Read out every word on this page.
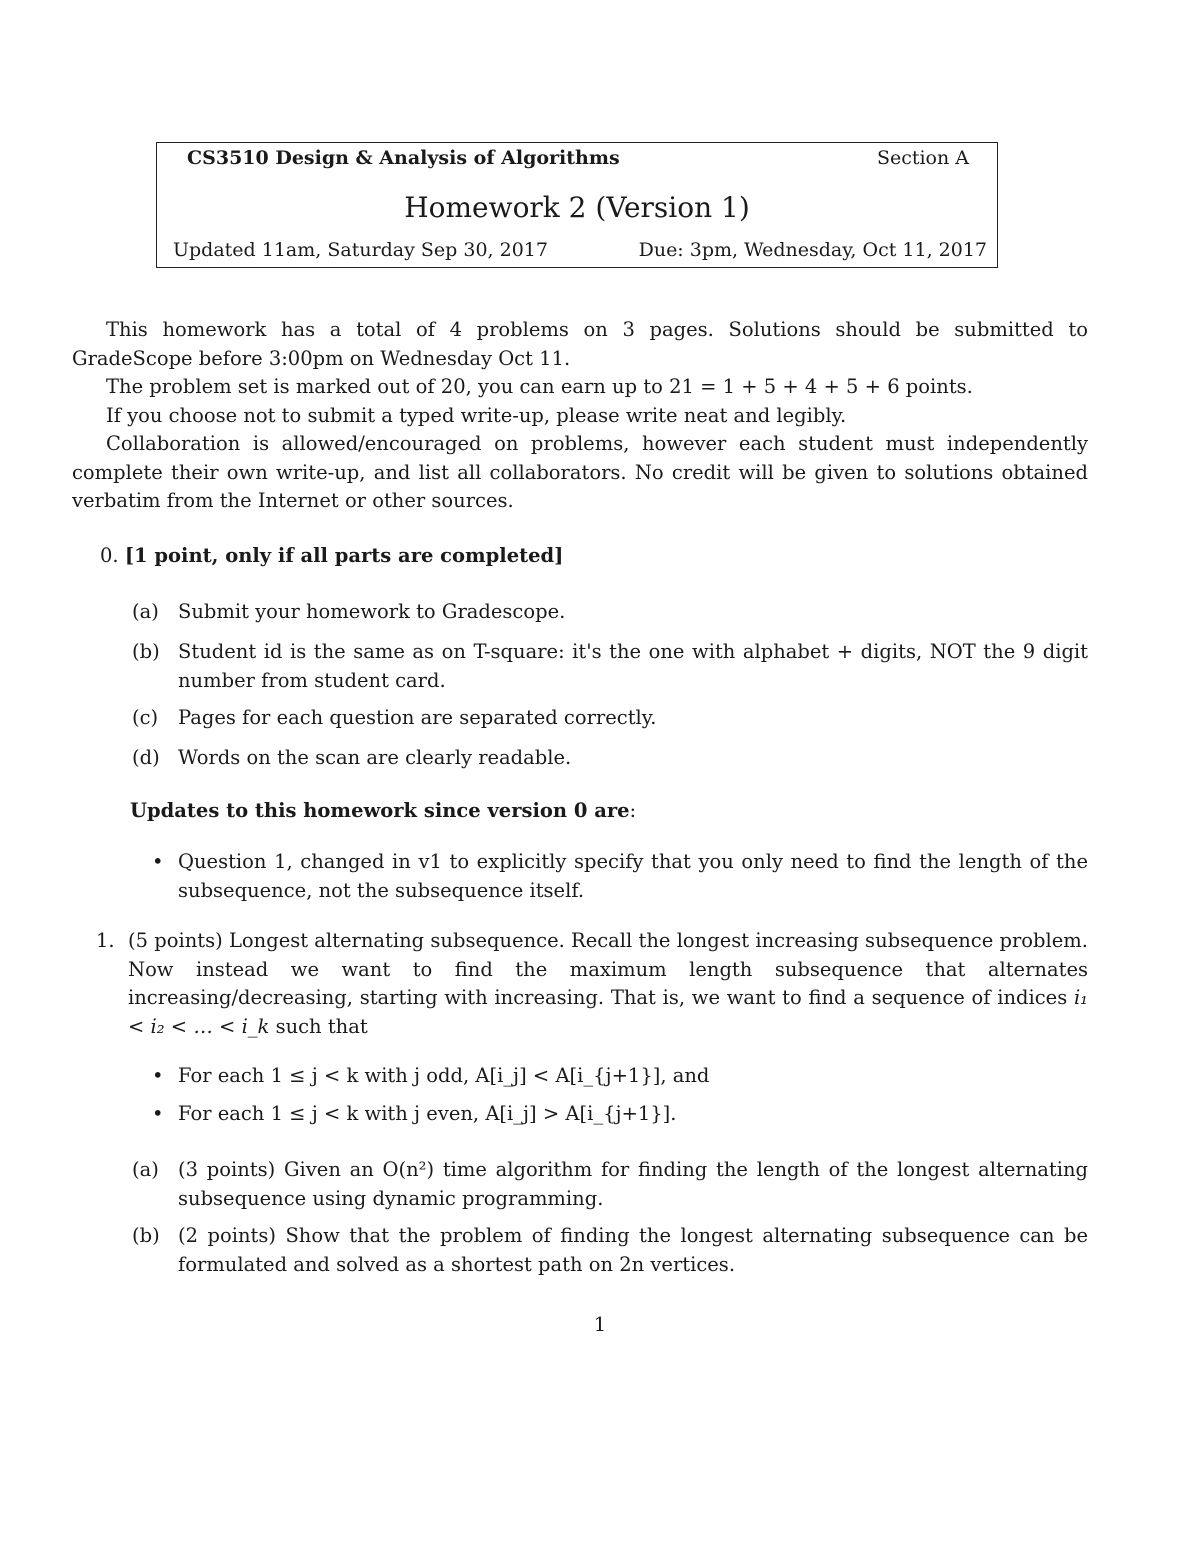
CS3510 Design & Analysis of Algorithms	Section A
Homework 2 (Version 1)
Updated 11am, Saturday Sep 30, 2017	Due: 3pm, Wednesday, Oct 11, 2017
This homework has a total of 4 problems on 3 pages. Solutions should be submitted to GradeScope before 3:00pm on Wednesday Oct 11.
The problem set is marked out of 20, you can earn up to 21 = 1 + 5 + 4 + 5 + 6 points.
If you choose not to submit a typed write-up, please write neat and legibly.
Collaboration is allowed/encouraged on problems, however each student must independently complete their own write-up, and list all collaborators. No credit will be given to solutions obtained verbatim from the Internet or other sources.
0. [1 point, only if all parts are completed]
(a) Submit your homework to Gradescope.
(b) Student id is the same as on T-square: it's the one with alphabet + digits, NOT the 9 digit number from student card.
(c) Pages for each question are separated correctly.
(d) Words on the scan are clearly readable.
Updates to this homework since version 0 are:
• Question 1, changed in v1 to explicitly specify that you only need to find the length of the subsequence, not the subsequence itself.
1. (5 points) Longest alternating subsequence. Recall the longest increasing subsequence problem. Now instead we want to find the maximum length subsequence that alternates increasing/decreasing, starting with increasing. That is, we want to find a sequence of indices i₁ < i₂ < … < i_k such that
• For each 1 ≤ j < k with j odd, A[i_j] < A[i_{j+1}], and
• For each 1 ≤ j < k with j even, A[i_j] > A[i_{j+1}].
(a) (3 points) Given an O(n²) time algorithm for finding the length of the longest alternating subsequence using dynamic programming.
(b) (2 points) Show that the problem of finding the longest alternating subsequence can be formulated and solved as a shortest path on 2n vertices.
1
